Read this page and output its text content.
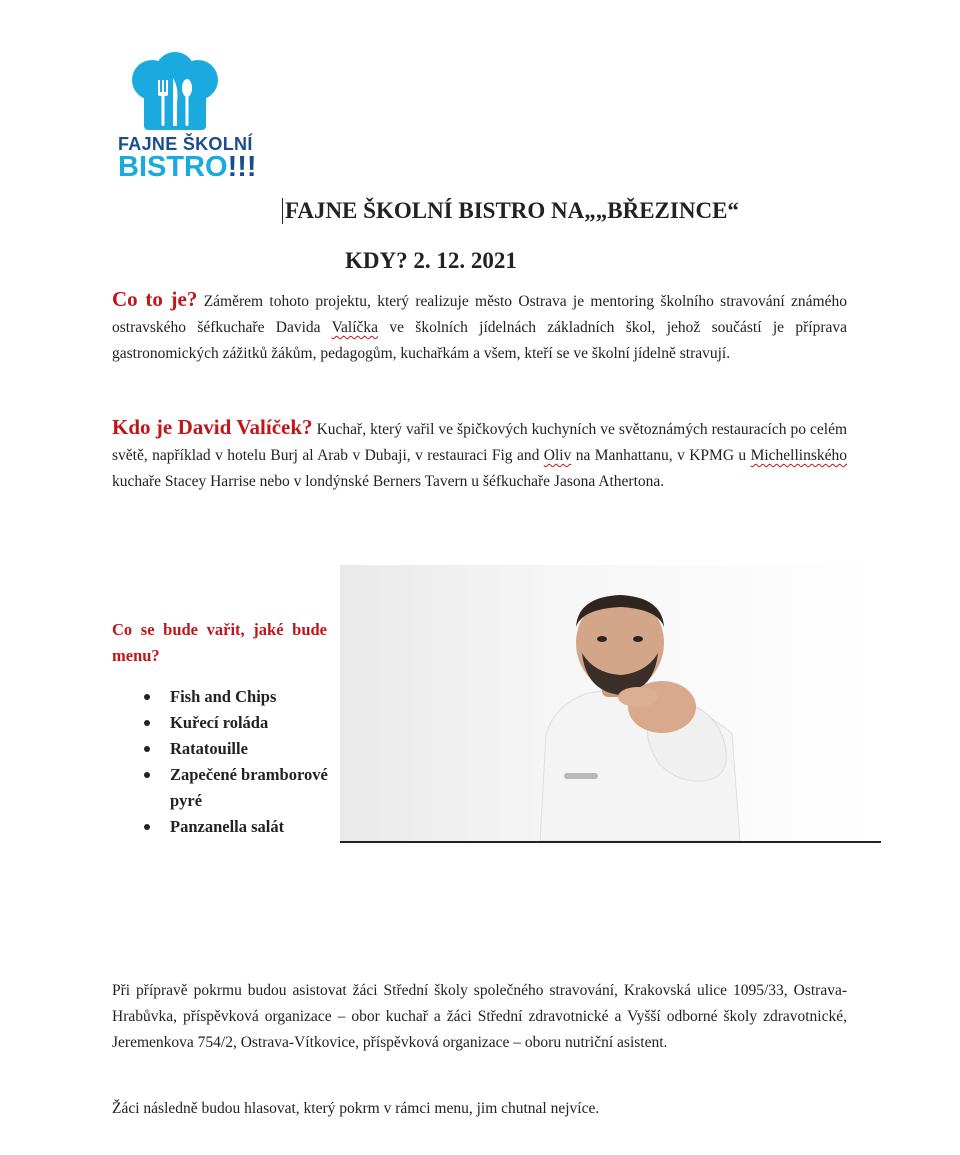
FAJNE ŠKOLNÍ
BISTRO!!!
FAJNE ŠKOLNÍ BISTRO NA„„BŘEZINCE“
KDY? 2. 12. 2021
Co to je? Záměrem tohoto projektu, který realizuje město Ostrava je mentoring školního stravování známého ostravského šéfkuchaře Davida Valíčka ve školních jídelnách základních škol, jehož součástí je příprava gastronomických zážitků žákům, pedagogům, kuchařkám a všem, kteří se ve školní jídelně stravují.
Kdo je David Valíček? Kuchař, který vařil ve špičkových kuchyních ve světoznámých restauracích po celém světě, například v hotelu Burj al Arab v Dubaji, v restauraci Fig and Oliv na Manhattanu, v KPMG u Michellinského kuchaře Stacey Harrise nebo v londýnské Berners Tavern u šéfkuchaře Jasona Athertona.
Co se bude vařit, jaké bude menu?
Fish and Chips
Kuřecí roláda
Ratatouille
Zapečené bramborové pyré
Panzanella salát
Při přípravě pokrmu budou asistovat žáci Střední školy společného stravování, Krakovská ulice 1095/33, Ostrava-Hrabůvka, příspěvková organizace – obor kuchař a žáci Střední zdravotnické a Vyšší odborné školy zdravotnické, Jeremenkova 754/2, Ostrava-Vítkovice, příspěvková organizace – oboru nutriční asistent.
Žáci následně budou hlasovat, který pokrm v rámci menu, jim chutnal nejvíce.
